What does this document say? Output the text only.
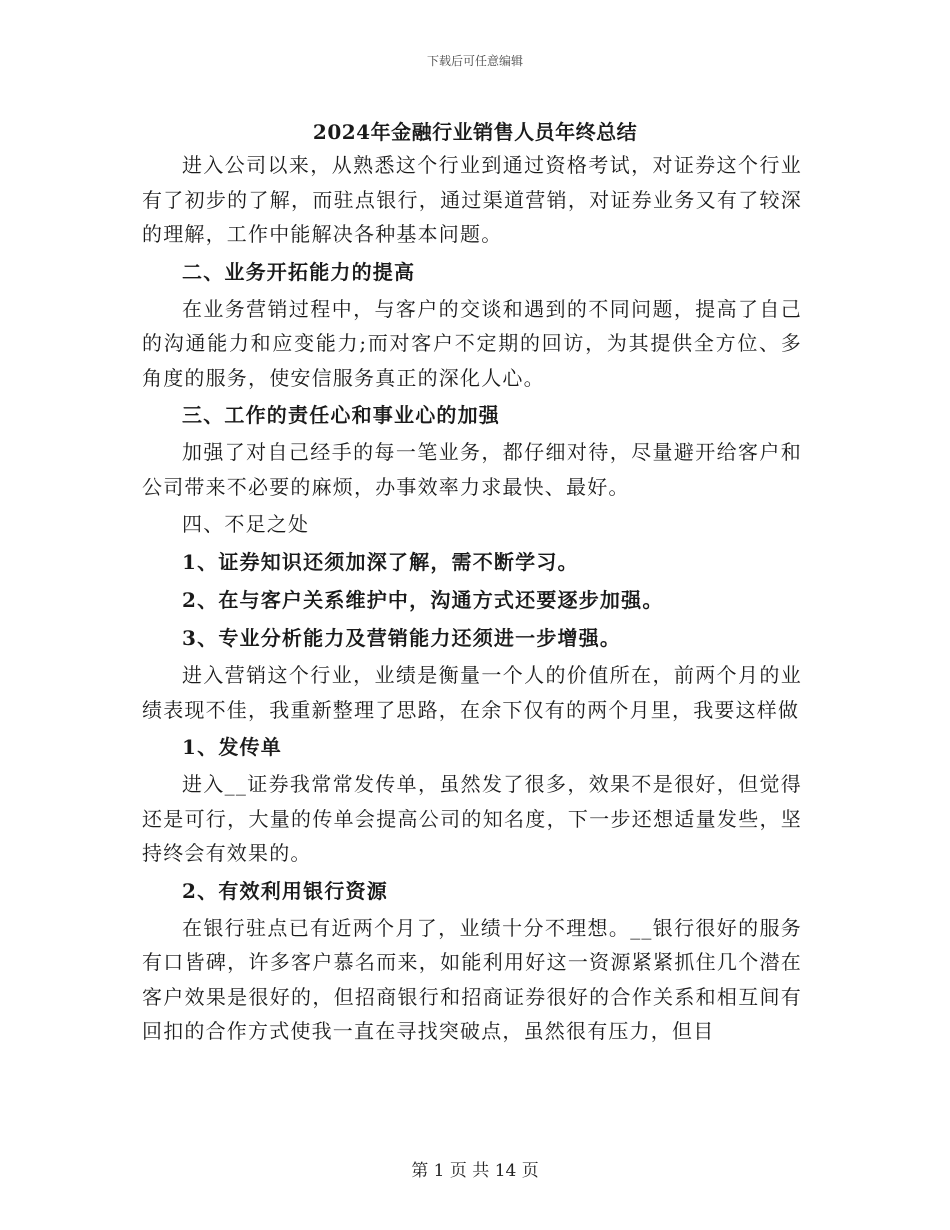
下载后可任意编辑
2024年金融行业销售人员年终总结

进入公司以来，从熟悉这个行业到通过资格考试，对证券这个行业有了初步的了解，而驻点银行，通过渠道营销，对证券业务又有了较深的理解，工作中能解决各种基本问题。

二、业务开拓能力的提高

在业务营销过程中，与客户的交谈和遇到的不同问题，提高了自己的沟通能力和应变能力;而对客户不定期的回访，为其提供全方位、多角度的服务，使安信服务真正的深化人心。

三、工作的责任心和事业心的加强

加强了对自己经手的每一笔业务，都仔细对待，尽量避开给客户和公司带来不必要的麻烦，办事效率力求最快、最好。

四、不足之处

1、证券知识还须加深了解，需不断学习。

2、在与客户关系维护中，沟通方式还要逐步加强。

3、专业分析能力及营销能力还须进一步增强。

进入营销这个行业，业绩是衡量一个人的价值所在，前两个月的业绩表现不佳，我重新整理了思路，在余下仅有的两个月里，我要这样做

1、发传单

进入__证券我常常发传单，虽然发了很多，效果不是很好，但觉得还是可行，大量的传单会提高公司的知名度，下一步还想适量发些，坚持终会有效果的。

2、有效利用银行资源

在银行驻点已有近两个月了，业绩十分不理想。__银行很好的服务有口皆碑，许多客户慕名而来，如能利用好这一资源紧紧抓住几个潜在客户效果是很好的，但招商银行和招商证券很好的合作关系和相互间有回扣的合作方式使我一直在寻找突破点，虽然很有压力，但目

第 1 页 共 14 页
